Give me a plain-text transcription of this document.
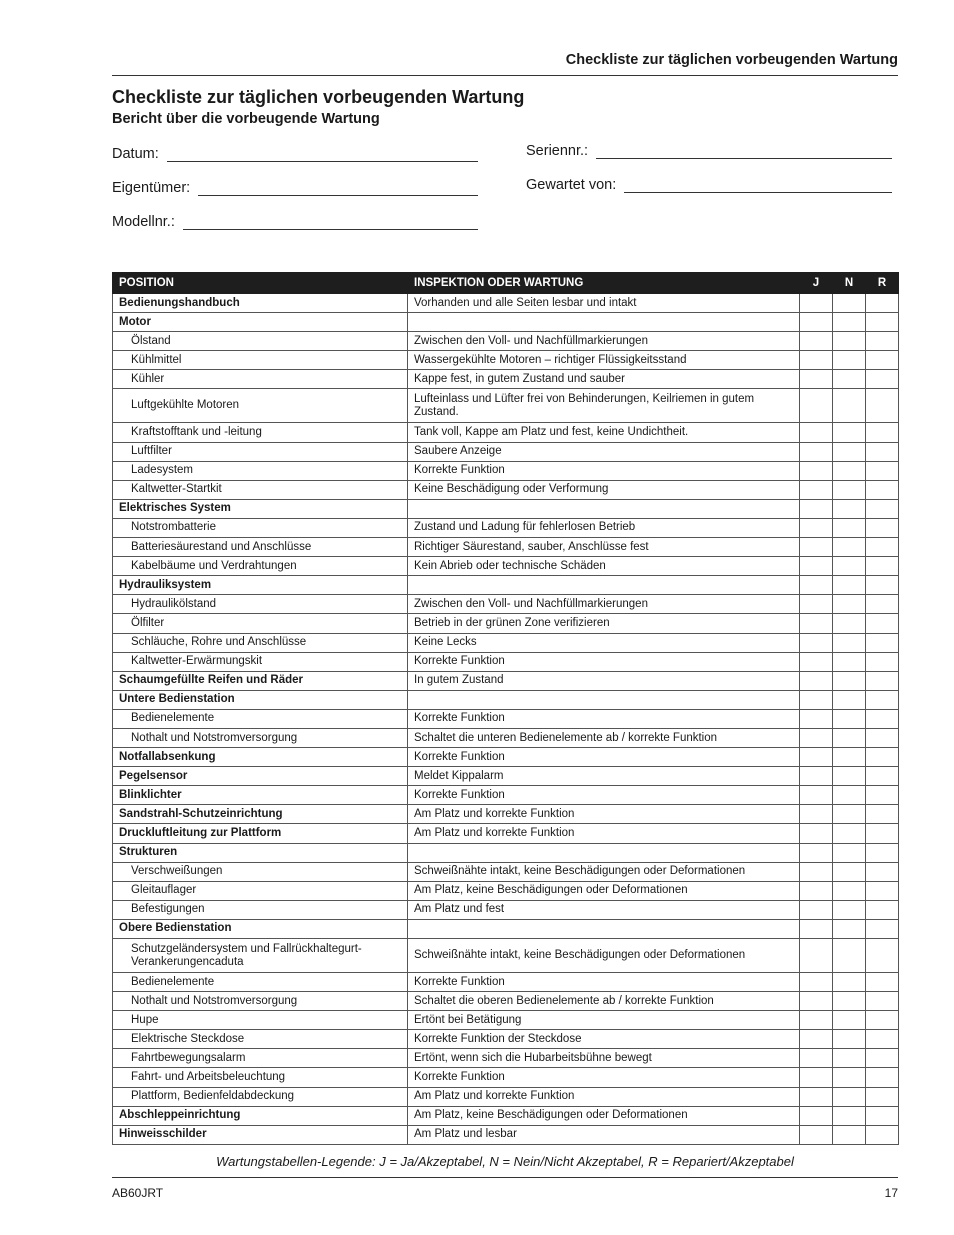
Checkliste zur täglichen vorbeugenden Wartung
Checkliste zur täglichen vorbeugenden Wartung
Bericht über die vorbeugende Wartung
Datum:
Eigentümer:
Modellnr.:
Seriennr.:
Gewartet von:
POSITION	INSPEKTION ODER WARTUNG	J	N	R
Bedienungshandbuch	Vorhanden und alle Seiten lesbar und intakt			
Motor				
Ölstand	Zwischen den Voll- und Nachfüllmarkierungen			
Kühlmittel	Wassergekühlte Motoren – richtiger Flüssigkeitsstand			
Kühler	Kappe fest, in gutem Zustand und sauber			
Luftgekühlte Motoren	Lufteinlass und Lüfter frei von Behinderungen, Keilriemen in gutem Zustand.			
Kraftstofftank und -leitung	Tank voll, Kappe am Platz und fest, keine Undichtheit.			
Luftfilter	Saubere Anzeige			
Ladesystem	Korrekte Funktion			
Kaltwetter-Startkit	Keine Beschädigung oder Verformung			
Elektrisches System				
Notstrombatterie	Zustand und Ladung für fehlerlosen Betrieb			
Batteriesäurestand und Anschlüsse	Richtiger Säurestand, sauber, Anschlüsse fest			
Kabelbäume und Verdrahtungen	Kein Abrieb oder technische Schäden			
Hydrauliksystem				
Hydraulikölstand	Zwischen den Voll- und Nachfüllmarkierungen			
Ölfilter	Betrieb in der grünen Zone verifizieren			
Schläuche, Rohre und Anschlüsse	Keine Lecks			
Kaltwetter-Erwärmungskit	Korrekte Funktion			
Schaumgefüllte Reifen und Räder	In gutem Zustand			
Untere Bedienstation				
Bedienelemente	Korrekte Funktion			
Nothalt und Notstromversorgung	Schaltet die unteren Bedienelemente ab / korrekte Funktion			
Notfallabsenkung	Korrekte Funktion			
Pegelsensor	Meldet Kippalarm			
Blinklichter	Korrekte Funktion			
Sandstrahl-Schutzeinrichtung	Am Platz und korrekte Funktion			
Druckluftleitung zur Plattform	Am Platz und korrekte Funktion			
Strukturen				
Verschweißungen	Schweißnähte intakt, keine Beschädigungen oder Deformationen			
Gleitauflager	Am Platz, keine Beschädigungen oder Deformationen			
Befestigungen	Am Platz und fest			
Obere Bedienstation				
Schutzgeländersystem und Fallrückhaltegurt-Verankerungencaduta	Schweißnähte intakt, keine Beschädigungen oder Deformationen			
Bedienelemente	Korrekte Funktion			
Nothalt und Notstromversorgung	Schaltet die oberen Bedienelemente ab / korrekte Funktion			
Hupe	Ertönt bei Betätigung			
Elektrische Steckdose	Korrekte Funktion der Steckdose			
Fahrtbewegungsalarm	Ertönt, wenn sich die Hubarbeitsbühne bewegt			
Fahrt- und Arbeitsbeleuchtung	Korrekte Funktion			
Plattform, Bedienfeldabdeckung	Am Platz und korrekte Funktion			
Abschleppeinrichtung	Am Platz, keine Beschädigungen oder Deformationen			
Hinweisschilder	Am Platz und lesbar			
Wartungstabellen-Legende: J = Ja/Akzeptabel, N = Nein/Nicht Akzeptabel, R = Repariert/Akzeptabel
AB60JRT	17
